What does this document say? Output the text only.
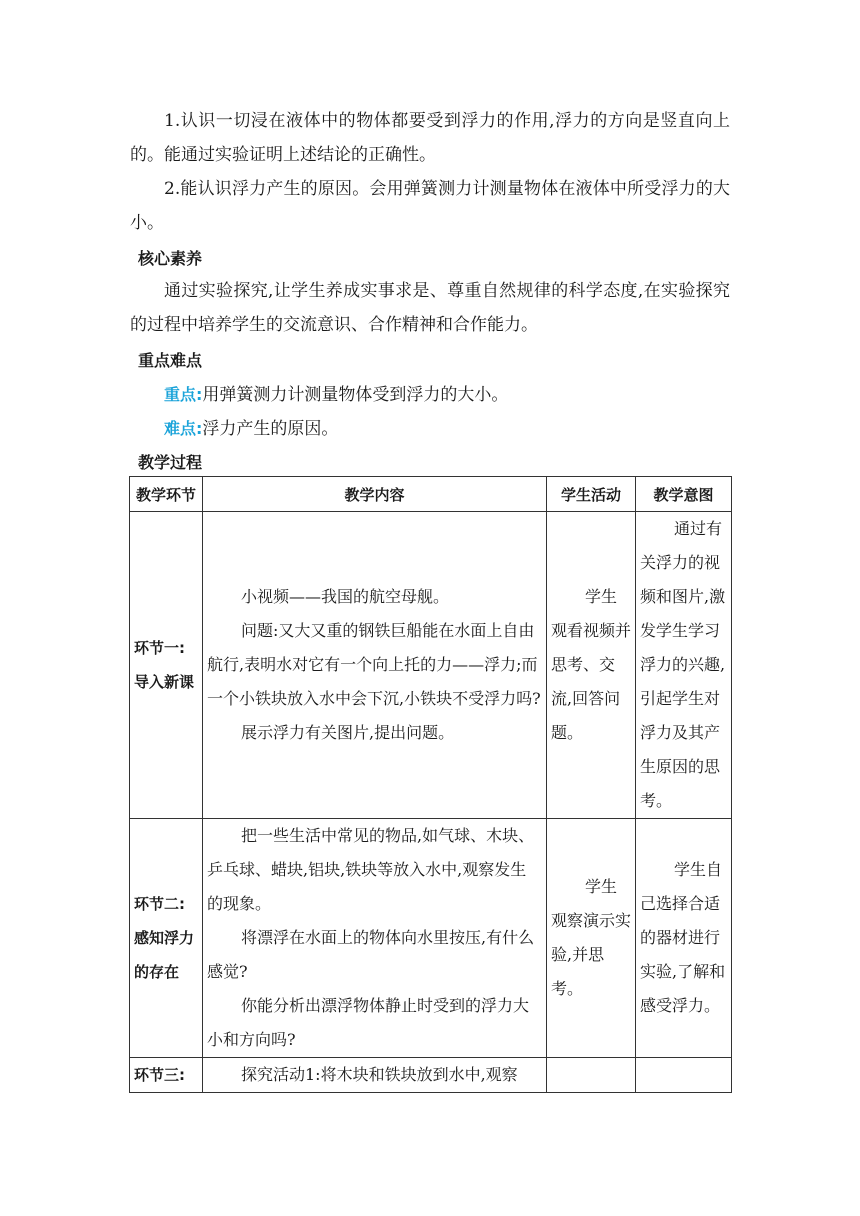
1.认识一切浸在液体中的物体都要受到浮力的作用,浮力的方向是竖直向上的。能通过实验证明上述结论的正确性。

2.能认识浮力产生的原因。会用弹簧测力计测量物体在液体中所受浮力的大小。

核心素养

通过实验探究,让学生养成实事求是、尊重自然规律的科学态度,在实验探究的过程中培养学生的交流意识、合作精神和合作能力。

重点难点

重点:用弹簧测力计测量物体受到浮力的大小。

难点:浮力产生的原因。

教学过程

教学环节	教学内容	学生活动	教学意图
环节一:导入新课	小视频——我国的航空母舰。

问题:又大又重的钢铁巨船能在水面上自由航行,表明水对它有一个向上托的力——浮力;而一个小铁块放入水中会下沉,小铁块不受浮力吗?

展示浮力有关图片,提出问题。	学生观看视频并思考、交流,回答问题。	通过有关浮力的视频和图片,激发学生学习浮力的兴趣,引起学生对浮力及其产生原因的思考。

环节二:感知浮力的存在	把一些生活中常见的物品,如气球、木块、乒乓球、蜡块,铝块,铁块等放入水中,观察发生的现象。

将漂浮在水面上的物体向水里按压,有什么感觉?

你能分析出漂浮物体静止时受到的浮力大小和方向吗?	学生观察演示实验,并思考。	学生自己选择合适的器材进行实验,了解和感受浮力。

环节三:	探究活动1:将木块和铁块放到水中,观察		
